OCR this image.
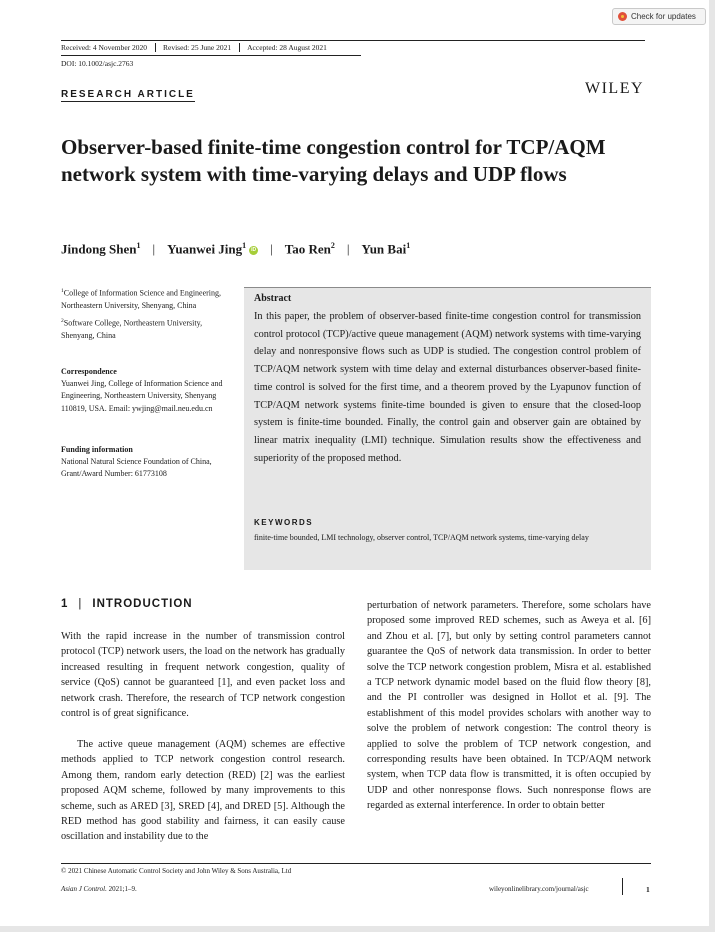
Check for updates
Received: 4 November 2020	Revised: 25 June 2021	Accepted: 28 August 2021
DOI: 10.1002/asjc.2763
RESEARCH ARTICLE	WILEY
Observer-based finite-time congestion control for TCP/AQM network system with time-varying delays and UDP flows
Jindong Shen$^1$ | Yuanwei Jing$^1$ iD | Tao Ren$^2$ | Yun Bai$^1$

$^1$College of Information Science and Engineering, Northeastern University, Shenyang, China

$^2$Software College, Northeastern University, Shenyang, China

Correspondence

Yuanwei Jing, College of Information Science and Engineering, Northeastern University, Shenyang 110819, USA. Email: ywjing@mail.neu.edu.cn

Funding information

National Natural Science Foundation of China, Grant/Award Number: 61773108

Abstract
In this paper, the problem of observer-based finite-time congestion control for transmission control protocol (TCP)/active queue management (AQM) network systems with time-varying delay and nonresponsive flows such as UDP is studied. The congestion control problem of TCP/AQM network system with time delay and external disturbances observer-based finite-time control is solved for the first time, and a theorem proved by the Lyapunov function of TCP/AQM network systems finite-time bounded is given to ensure that the closed-loop system is finite-time bounded. Finally, the control gain and observer gain are obtained by linear matrix inequality (LMI) technique. Simulation results show the effectiveness and superiority of the proposed method.
KEYWORDS
finite-time bounded, LMI technology, observer control, TCP/AQM network systems, time-varying delay
1 | INTRODUCTION

With the rapid increase in the number of transmission control protocol (TCP) network users, the load on the network has gradually increased resulting in frequent network congestion, quality of service (QoS) cannot be guaranteed [1], and even packet loss and network crash. Therefore, the research of TCP network congestion control is of great significance.

The active queue management (AQM) schemes are effective methods applied to TCP network congestion control research. Among them, random early detection (RED) [2] was the earliest proposed AQM scheme, followed by many improvements to this scheme, such as ARED [3], SRED [4], and DRED [5]. Although the RED method has good stability and fairness, it can easily cause oscillation and instability due to the

perturbation of network parameters. Therefore, some scholars have proposed some improved RED schemes, such as Aweya et al. [6] and Zhou et al. [7], but only by setting control parameters cannot guarantee the QoS of network data transmission. In order to better solve the TCP network congestion problem, Misra et al. established a TCP network dynamic model based on the fluid flow theory [8], and the PI controller was designed in Hollot et al. [9]. The establishment of this model provides scholars with another way to solve the problem of network congestion: The control theory is applied to solve the problem of TCP network congestion, and corresponding results have been obtained. In TCP/AQM network system, when TCP data flow is transmitted, it is often occupied by UDP and other nonresponse flows. Such nonresponse flows are regarded as external interference. In order to obtain better

© 2021 Chinese Automatic Control Society and John Wiley & Sons Australia, Ltd
Asian J Control. 2021;1–9.	wileyonlinelibrary.com/journal/asjc	1
